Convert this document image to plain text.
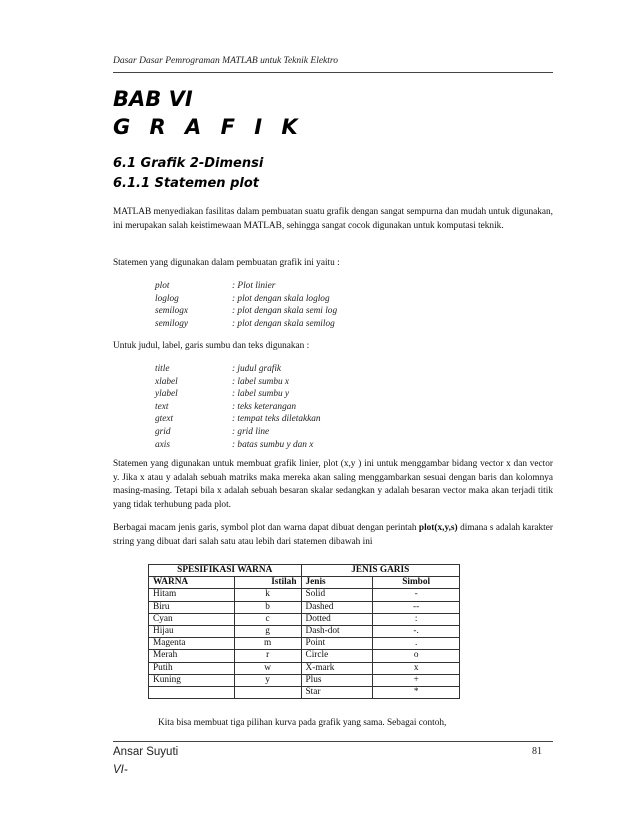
Dasar Dasar Pemrograman MATLAB untuk Teknik Elektro
BAB VI
G R A F I K
6.1 Grafik 2-Dimensi
6.1.1 Statemen plot
MATLAB menyediakan fasilitas dalam pembuatan suatu grafik dengan sangat sempurna dan mudah untuk digunakan, ini merupakan salah keistimewaan MATLAB, sehingga sangat cocok digunakan untuk komputasi teknik.
Statemen yang digunakan dalam pembuatan grafik ini yaitu :
plot	: Plot linier
loglog	: plot dengan skala loglog
semilogx	: plot dengan skala semi log
semilogy	: plot dengan skala semilog
Untuk judul, label, garis sumbu dan teks digunakan :
title	: judul grafik
xlabel	: label sumbu x
ylabel	: label sumbu y
text	: teks keterangan
gtext	: tempat teks diletakkan
grid	: grid line
axis	: batas sumbu y dan x
Statemen yang digunakan untuk membuat grafik linier, plot (x,y ) ini untuk menggambar bidang vector x dan vector y. Jika x atau y adalah sebuah matriks maka mereka akan saling menggambarkan sesuai dengan baris dan kolomnya masing-masing. Tetapi bila x adalah sebuah besaran skalar sedangkan y adalah besaran vector maka akan terjadi titik yang tidak terhubung pada plot.
Berbagai macam jenis garis, symbol plot dan warna dapat dibuat dengan perintah plot(x,y,s) dimana s adalah karakter string yang dibuat dari salah satu atau lebih dari statemen dibawah ini
SPESIFIKASI WARNA		JENIS GARIS	
WARNA	Istilah	Jenis	Simbol
Hitam	k	Solid	-
Biru	b	Dashed	--
Cyan	c	Dotted	:
Hijau	g	Dash-dot	-.
Magenta	m	Point	.
Merah	r	Circle	o
Putih	w	X-mark	x
Kuning	y	Plus	+
		Star	*
Kita bisa membuat tiga pilihan kurva pada grafik yang sama. Sebagai contoh,
Ansar Suyuti
VI-
81
